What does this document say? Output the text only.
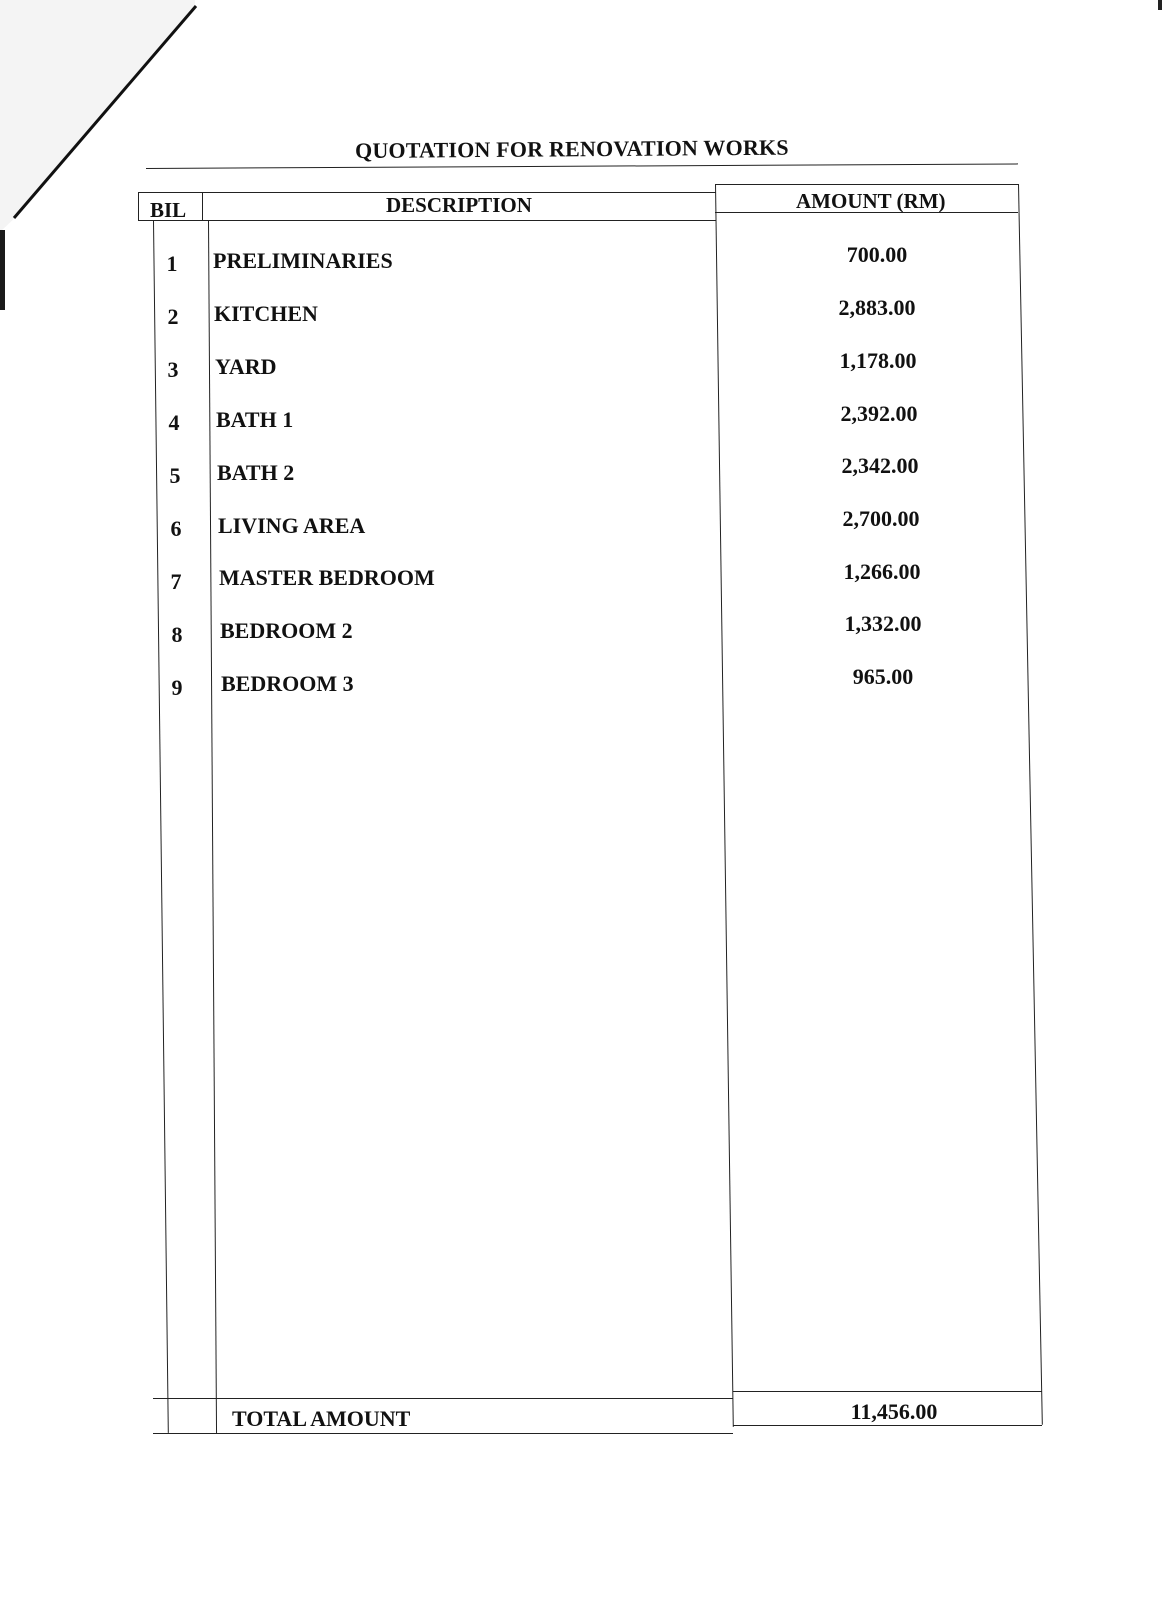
QUOTATION FOR RENOVATION WORKS
BIL	DESCRIPTION	AMOUNT (RM)
1	PRELIMINARIES	700.00
2	KITCHEN	2,883.00
3	YARD	1,178.00
4	BATH 1	2,392.00
5	BATH 2	2,342.00
6	LIVING AREA	2,700.00
7	MASTER BEDROOM	1,266.00
8	BEDROOM 2	1,332.00
9	BEDROOM 3	965.00
TOTAL AMOUNT	11,456.00
